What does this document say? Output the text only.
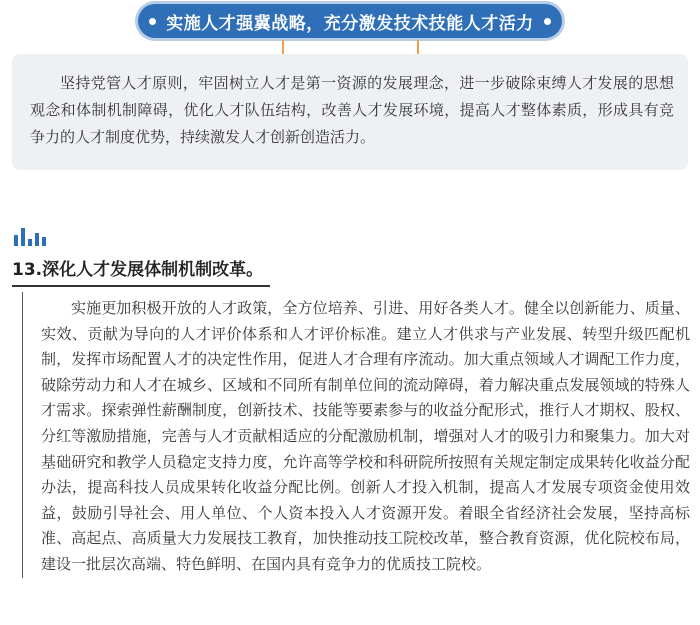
实施人才强冀战略，充分激发技术技能人才活力
坚持党管人才原则，牢固树立人才是第一资源的发展理念，进一步破除束缚人才发展的思想观念和体制机制障碍，优化人才队伍结构，改善人才发展环境，提高人才整体素质，形成具有竞争力的人才制度优势，持续激发人才创新创造活力。
13.深化人才发展体制机制改革。
实施更加积极开放的人才政策，全方位培养、引进、用好各类人才。健全以创新能力、质量、实效、贡献为导向的人才评价体系和人才评价标准。建立人才供求与产业发展、转型升级匹配机制，发挥市场配置人才的决定性作用，促进人才合理有序流动。加大重点领域人才调配工作力度，破除劳动力和人才在城乡、区域和不同所有制单位间的流动障碍，着力解决重点发展领域的特殊人才需求。探索弹性薪酬制度，创新技术、技能等要素参与的收益分配形式，推行人才期权、股权、分红等激励措施，完善与人才贡献相适应的分配激励机制，增强对人才的吸引力和聚集力。加大对基础研究和教学人员稳定支持力度，允许高等学校和科研院所按照有关规定制定成果转化收益分配办法，提高科技人员成果转化收益分配比例。创新人才投入机制，提高人才发展专项资金使用效益，鼓励引导社会、用人单位、个人资本投入人才资源开发。着眼全省经济社会发展，坚持高标准、高起点、高质量大力发展技工教育，加快推动技工院校改革，整合教育资源，优化院校布局，建设一批层次高端、特色鲜明、在国内具有竞争力的优质技工院校。
